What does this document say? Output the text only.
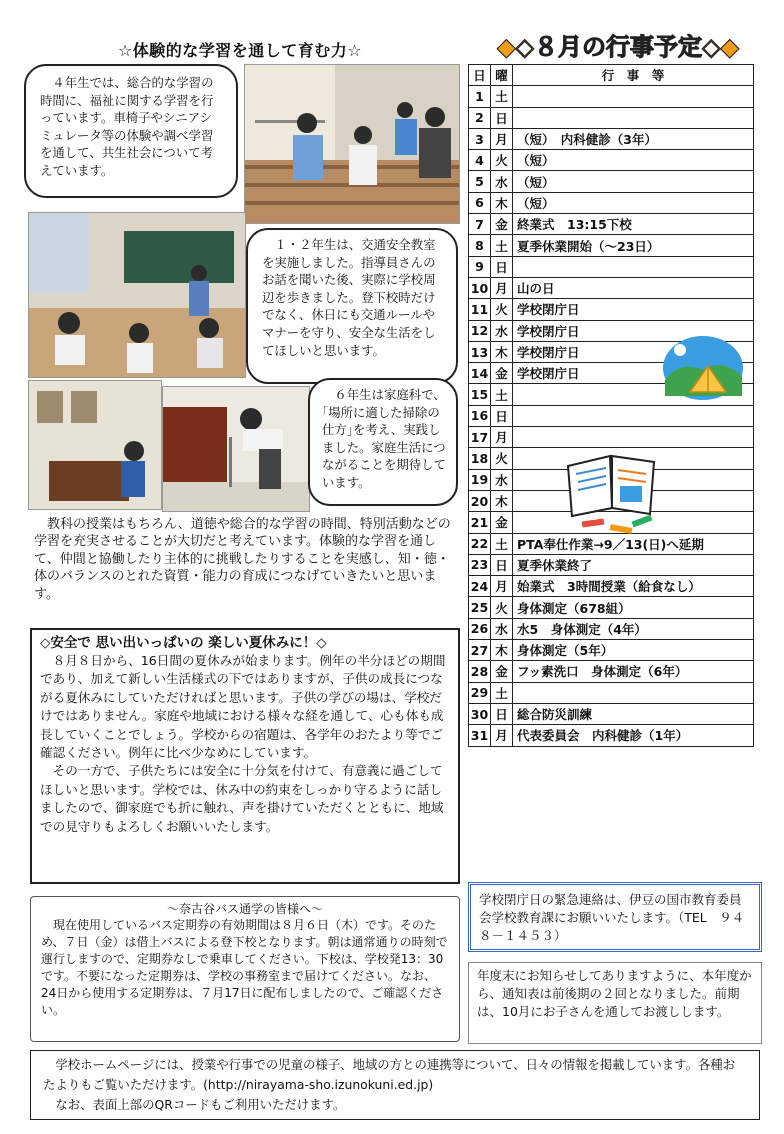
☆体験的な学習を通して育む力☆
　４年生では、総合的な学習の時間に、福祉に関する学習を行っています。車椅子やシニアシミュレータ等の体験や調べ学習を通して、共生社会について考えています。
　１・２年生は、交通安全教室を実施しました。指導員さんのお話を聞いた後、実際に学校周辺を歩きました。登下校時だけでなく、休日にも交通ルールやマナーを守り、安全な生活をしてほしいと思います。
　６年生は家庭科で、｢場所に適した掃除の仕方｣を考え、実践しました。家庭生活につながることを期待しています。
　教科の授業はもちろん、道徳や総合的な学習の時間、特別活動などの学習を充実させることが大切だと考えています。体験的な学習を通して、仲間と協働したり主体的に挑戦したりすることを実感し、知・徳・体のバランスのとれた資質・能力の育成につなげていきたいと思います。
◇安全で 思い出いっぱいの 楽しい夏休みに！◇
　８月８日から、16日間の夏休みが始まります。例年の半分ほどの期間であり、加えて新しい生活様式の下ではありますが、子供の成長につながる夏休みにしていただければと思います。子供の学びの場は、学校だけではありません。家庭や地域における様々な経を通して、心も体も成長していくことでしょう。学校からの宿題は、各学年のおたより等でご確認ください。例年に比べ少なめにしています。
　その一方で、子供たちには安全に十分気を付けて、有意義に過ごしてほしいと思います。学校では、休み中の約束をしっかり守るように話しましたので、御家庭でも折に触れ、声を掛けていただくとともに、地域での見守りもよろしくお願いいたします。
～奈古谷バス通学の皆様へ～
　現在使用しているバス定期券の有効期間は８月６日（木）です。そのため、７日（金）は借上バスによる登下校となります。朝は通常通りの時刻で運行しますので、定期券なしで乗車してください。下校は、学校発13：30です。不要になった定期券は、学校の事務室まで届けてください。なお、24日から使用する定期券は、７月17日に配布しましたので、ご確認ください。
◆◇８月の行事予定◇◆
日	曜	行　事　等
1	土	
2	日	
3	月	（短）　内科健診（3年）
4	火	（短）
5	水	（短）
6	木	（短）
7	金	終業式　13:15下校
8	土	夏季休業開始（～23日）
9	日	
10	月	山の日
11	火	学校閉庁日
12	水	学校閉庁日
13	木	学校閉庁日
14	金	学校閉庁日
15	土	
16	日	
17	月	
18	火	
19	水	
20	木	
21	金	
22	土	PTA奉仕作業→9／13(日)へ延期
23	日	夏季休業終了
24	月	始業式　3時間授業（給食なし）
25	火	身体測定（678組）
26	水	水5　身体測定（4年）
27	木	身体測定（5年）
28	金	フッ素洗口　身体測定（6年）
29	土	
30	日	総合防災訓練
31	月	代表委員会　内科健診（1年）
学校閉庁日の緊急連絡は、伊豆の国市教育委員会学校教育課にお願いいたします。（TEL　９４８－１４５３）
年度末にお知らせしてありますように、本年度から、通知表は前後期の２回となりました。前期は、10月にお子さんを通してお渡しします。
　学校ホームページには、授業や行事での児童の様子、地域の方との連携等について、日々の情報を掲載しています。各種おたよりもご覧いただけます。(http://nirayama-sho.izunokuni.ed.jp)
　なお、表面上部のQRコードもご利用いただけます。
